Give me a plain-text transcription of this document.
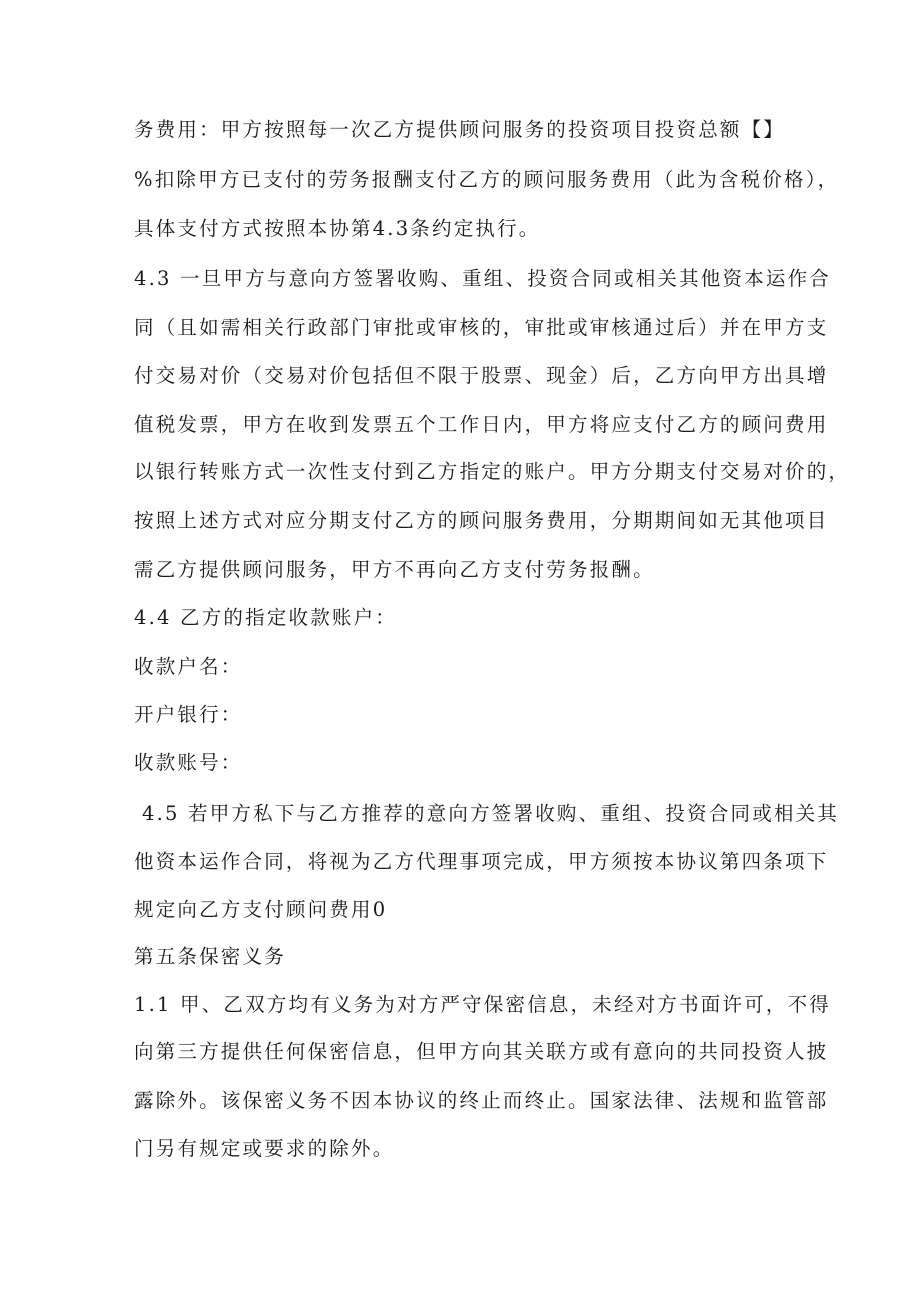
务费用：甲方按照每一次乙方提供顾问服务的投资项目投资总额【】
%扣除甲方已支付的劳务报酬支付乙方的顾问服务费用（此为含税价格），
具体支付方式按照本协第4.3条约定执行。
4.3 一旦甲方与意向方签署收购、重组、投资合同或相关其他资本运作合
同（且如需相关行政部门审批或审核的，审批或审核通过后）并在甲方支
付交易对价（交易对价包括但不限于股票、现金）后，乙方向甲方出具增
值税发票，甲方在收到发票五个工作日内，甲方将应支付乙方的顾问费用
以银行转账方式一次性支付到乙方指定的账户。甲方分期支付交易对价的，
按照上述方式对应分期支付乙方的顾问服务费用，分期期间如无其他项目
需乙方提供顾问服务，甲方不再向乙方支付劳务报酬。
4.4 乙方的指定收款账户：
收款户名：
开户银行：
收款账号：
4.5 若甲方私下与乙方推荐的意向方签署收购、重组、投资合同或相关其
他资本运作合同，将视为乙方代理事项完成，甲方须按本协议第四条项下
规定向乙方支付顾问费用0
第五条保密义务
1.1 甲、乙双方均有义务为对方严守保密信息，未经对方书面许可，不得
向第三方提供任何保密信息，但甲方向其关联方或有意向的共同投资人披
露除外。该保密义务不因本协议的终止而终止。国家法律、法规和监管部
门另有规定或要求的除外。
